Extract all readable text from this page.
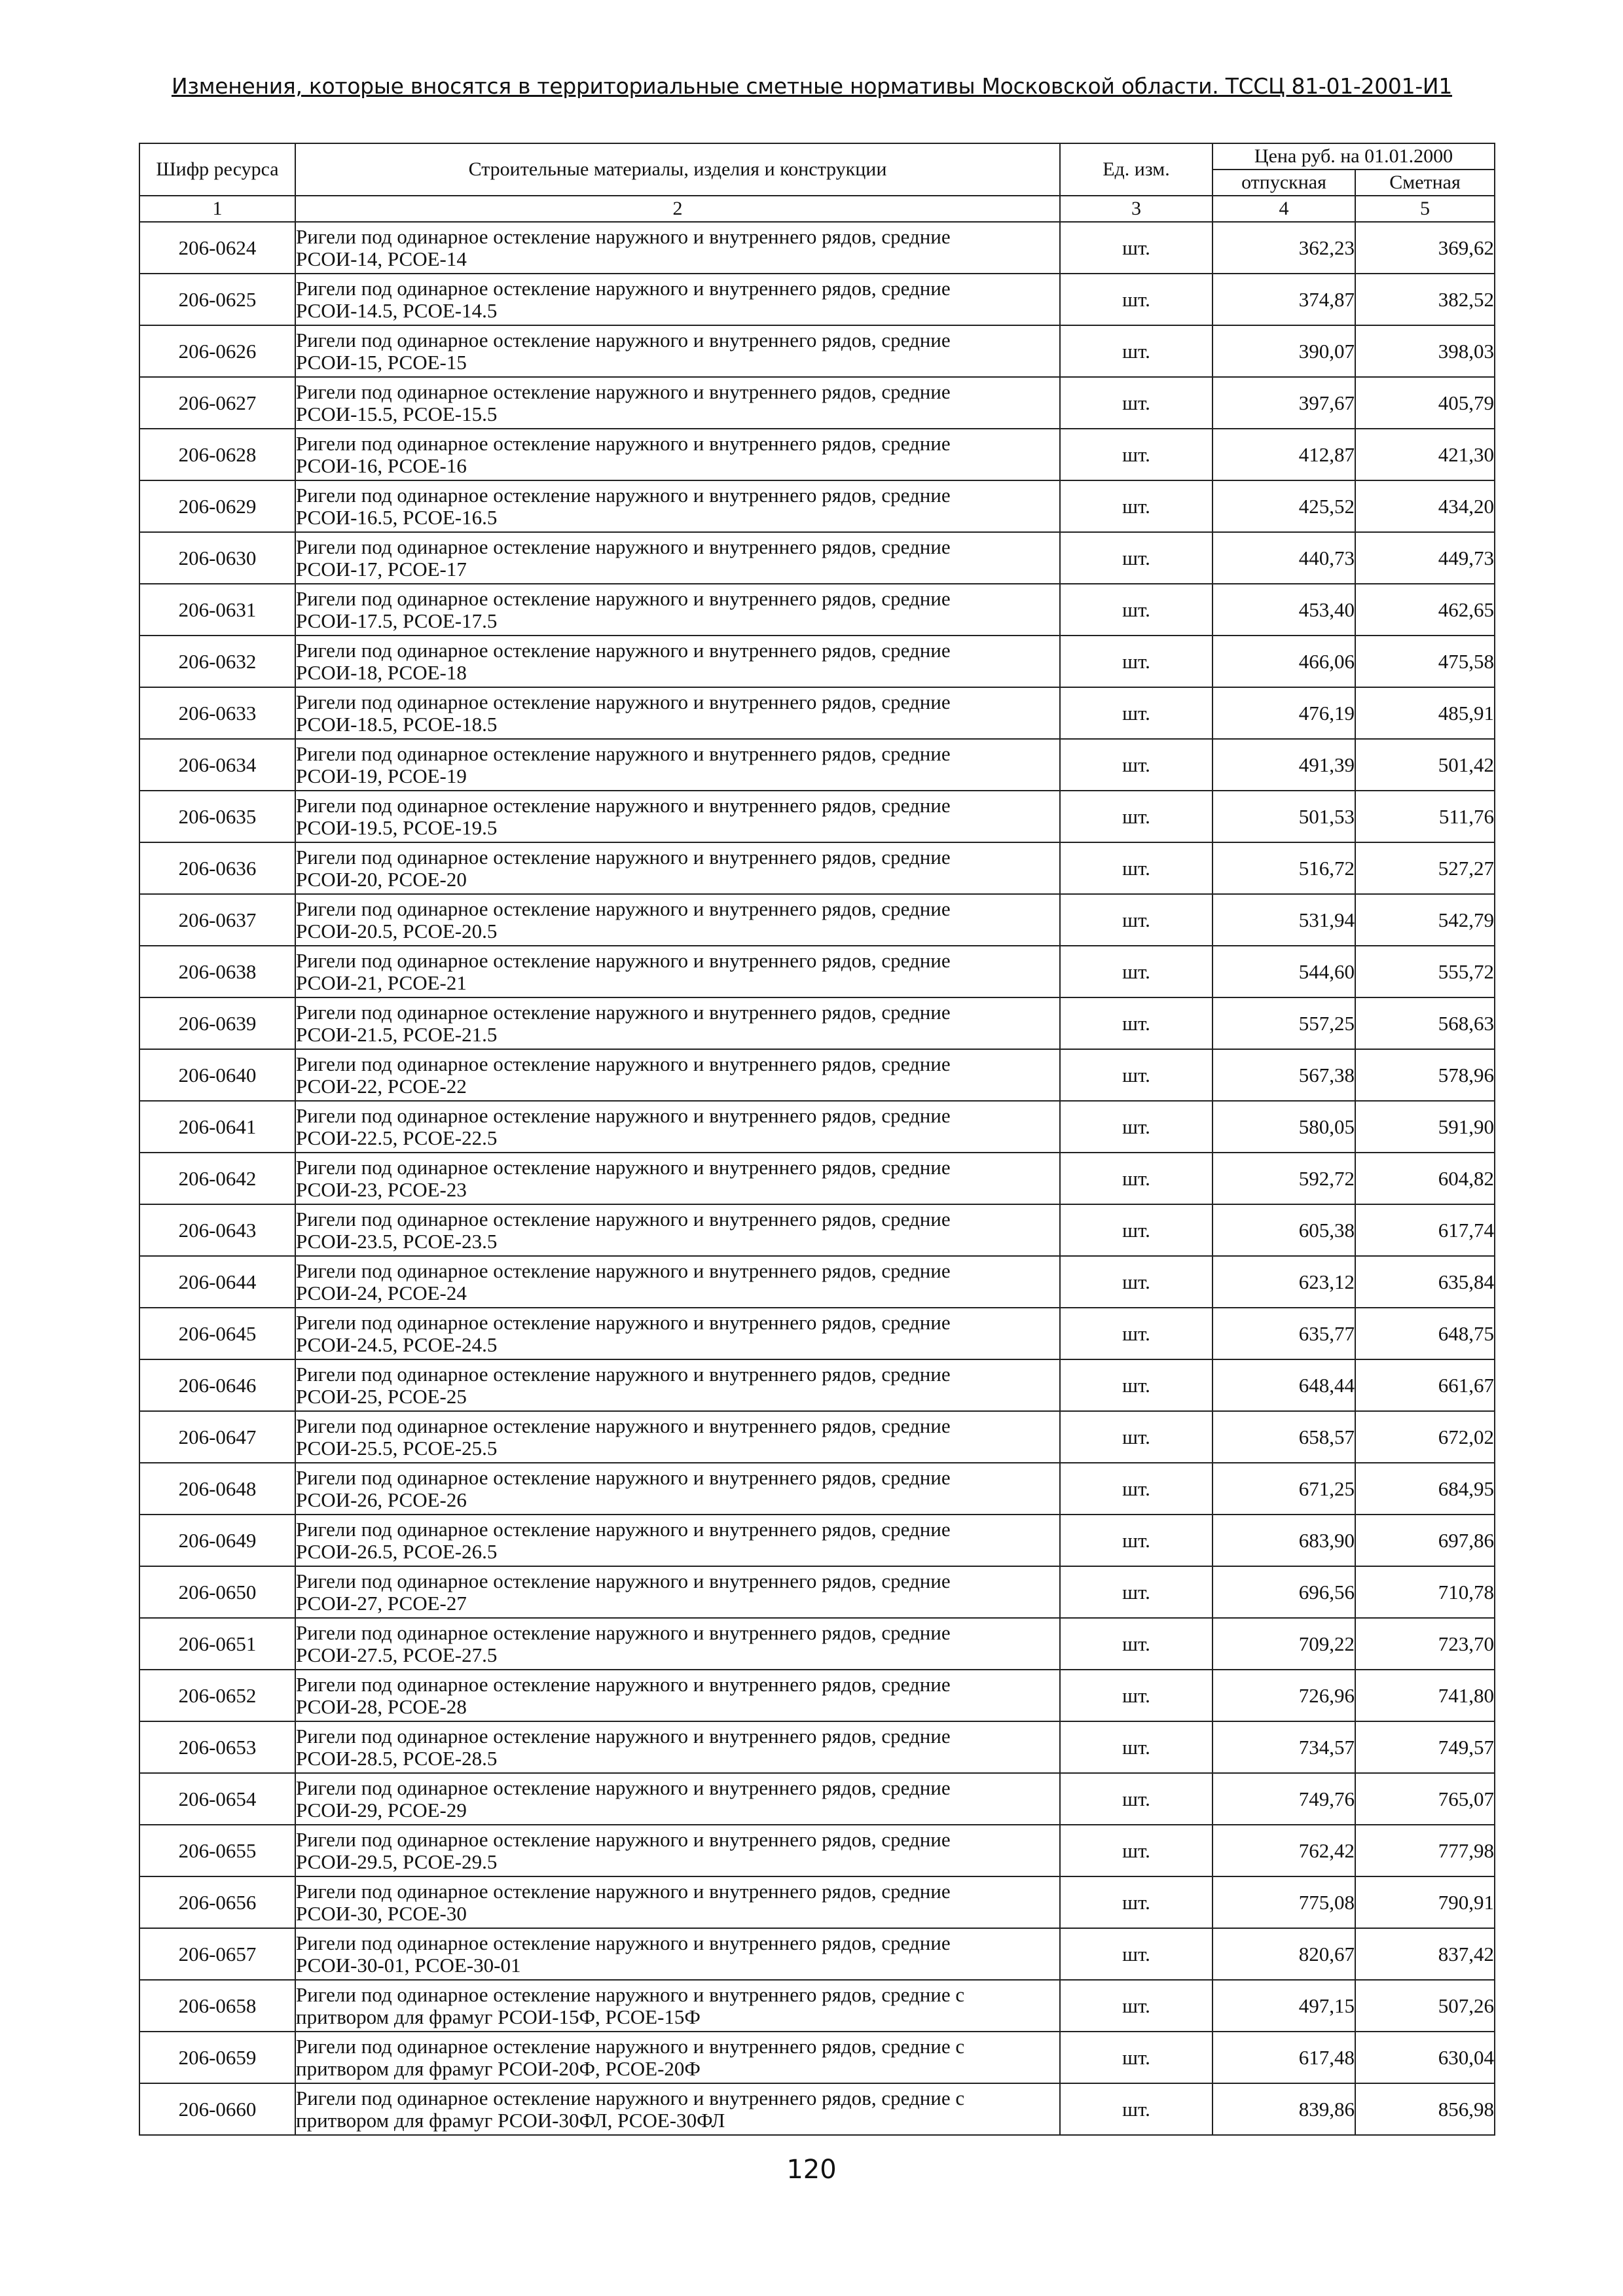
Изменения, которые вносятся в территориальные сметные нормативы Московской области. ТССЦ 81-01-2001-И1
Шифр ресурса	Строительные материалы, изделия и конструкции	Ед. изм.	Цена руб. на 01.01.2000	
			отпускная	Сметная
1	2	3	4	5
206-0624	Ригели под одинарное остекление наружного и внутреннего рядов, средние
РСОИ-14, РСОЕ-14	шт.	362,23	369,62
206-0625	Ригели под одинарное остекление наружного и внутреннего рядов, средние
РСОИ-14.5, РСОЕ-14.5	шт.	374,87	382,52
206-0626	Ригели под одинарное остекление наружного и внутреннего рядов, средние
РСОИ-15, РСОЕ-15	шт.	390,07	398,03
206-0627	Ригели под одинарное остекление наружного и внутреннего рядов, средние
РСОИ-15.5, РСОЕ-15.5	шт.	397,67	405,79
206-0628	Ригели под одинарное остекление наружного и внутреннего рядов, средние
РСОИ-16, РСОЕ-16	шт.	412,87	421,30
206-0629	Ригели под одинарное остекление наружного и внутреннего рядов, средние
РСОИ-16.5, РСОЕ-16.5	шт.	425,52	434,20
206-0630	Ригели под одинарное остекление наружного и внутреннего рядов, средние
РСОИ-17, РСОЕ-17	шт.	440,73	449,73
206-0631	Ригели под одинарное остекление наружного и внутреннего рядов, средние
РСОИ-17.5, РСОЕ-17.5	шт.	453,40	462,65
206-0632	Ригели под одинарное остекление наружного и внутреннего рядов, средние
РСОИ-18, РСОЕ-18	шт.	466,06	475,58
206-0633	Ригели под одинарное остекление наружного и внутреннего рядов, средние
РСОИ-18.5, РСОЕ-18.5	шт.	476,19	485,91
206-0634	Ригели под одинарное остекление наружного и внутреннего рядов, средние
РСОИ-19, РСОЕ-19	шт.	491,39	501,42
206-0635	Ригели под одинарное остекление наружного и внутреннего рядов, средние
РСОИ-19.5, РСОЕ-19.5	шт.	501,53	511,76
206-0636	Ригели под одинарное остекление наружного и внутреннего рядов, средние
РСОИ-20, РСОЕ-20	шт.	516,72	527,27
206-0637	Ригели под одинарное остекление наружного и внутреннего рядов, средние
РСОИ-20.5, РСОЕ-20.5	шт.	531,94	542,79
206-0638	Ригели под одинарное остекление наружного и внутреннего рядов, средние
РСОИ-21, РСОЕ-21	шт.	544,60	555,72
206-0639	Ригели под одинарное остекление наружного и внутреннего рядов, средние
РСОИ-21.5, РСОЕ-21.5	шт.	557,25	568,63
206-0640	Ригели под одинарное остекление наружного и внутреннего рядов, средние
РСОИ-22, РСОЕ-22	шт.	567,38	578,96
206-0641	Ригели под одинарное остекление наружного и внутреннего рядов, средние
РСОИ-22.5, РСОЕ-22.5	шт.	580,05	591,90
206-0642	Ригели под одинарное остекление наружного и внутреннего рядов, средние
РСОИ-23, РСОЕ-23	шт.	592,72	604,82
206-0643	Ригели под одинарное остекление наружного и внутреннего рядов, средние
РСОИ-23.5, РСОЕ-23.5	шт.	605,38	617,74
206-0644	Ригели под одинарное остекление наружного и внутреннего рядов, средние
РСОИ-24, РСОЕ-24	шт.	623,12	635,84
206-0645	Ригели под одинарное остекление наружного и внутреннего рядов, средние
РСОИ-24.5, РСОЕ-24.5	шт.	635,77	648,75
206-0646	Ригели под одинарное остекление наружного и внутреннего рядов, средние
РСОИ-25, РСОЕ-25	шт.	648,44	661,67
206-0647	Ригели под одинарное остекление наружного и внутреннего рядов, средние
РСОИ-25.5, РСОЕ-25.5	шт.	658,57	672,02
206-0648	Ригели под одинарное остекление наружного и внутреннего рядов, средние
РСОИ-26, РСОЕ-26	шт.	671,25	684,95
206-0649	Ригели под одинарное остекление наружного и внутреннего рядов, средние
РСОИ-26.5, РСОЕ-26.5	шт.	683,90	697,86
206-0650	Ригели под одинарное остекление наружного и внутреннего рядов, средние
РСОИ-27, РСОЕ-27	шт.	696,56	710,78
206-0651	Ригели под одинарное остекление наружного и внутреннего рядов, средние
РСОИ-27.5, РСОЕ-27.5	шт.	709,22	723,70
206-0652	Ригели под одинарное остекление наружного и внутреннего рядов, средние
РСОИ-28, РСОЕ-28	шт.	726,96	741,80
206-0653	Ригели под одинарное остекление наружного и внутреннего рядов, средние
РСОИ-28.5, РСОЕ-28.5	шт.	734,57	749,57
206-0654	Ригели под одинарное остекление наружного и внутреннего рядов, средние
РСОИ-29, РСОЕ-29	шт.	749,76	765,07
206-0655	Ригели под одинарное остекление наружного и внутреннего рядов, средние
РСОИ-29.5, РСОЕ-29.5	шт.	762,42	777,98
206-0656	Ригели под одинарное остекление наружного и внутреннего рядов, средние
РСОИ-30, РСОЕ-30	шт.	775,08	790,91
206-0657	Ригели под одинарное остекление наружного и внутреннего рядов, средние
РСОИ-30-01, РСОЕ-30-01	шт.	820,67	837,42
206-0658	Ригели под одинарное остекление наружного и внутреннего рядов, средние с
притвором для фрамуг РСОИ-15Ф, РСОЕ-15Ф	шт.	497,15	507,26
206-0659	Ригели под одинарное остекление наружного и внутреннего рядов, средние с
притвором для фрамуг РСОИ-20Ф, РСОЕ-20Ф	шт.	617,48	630,04
206-0660	Ригели под одинарное остекление наружного и внутреннего рядов, средние с
притвором для фрамуг РСОИ-30ФЛ, РСОЕ-30ФЛ	шт.	839,86	856,98
120
